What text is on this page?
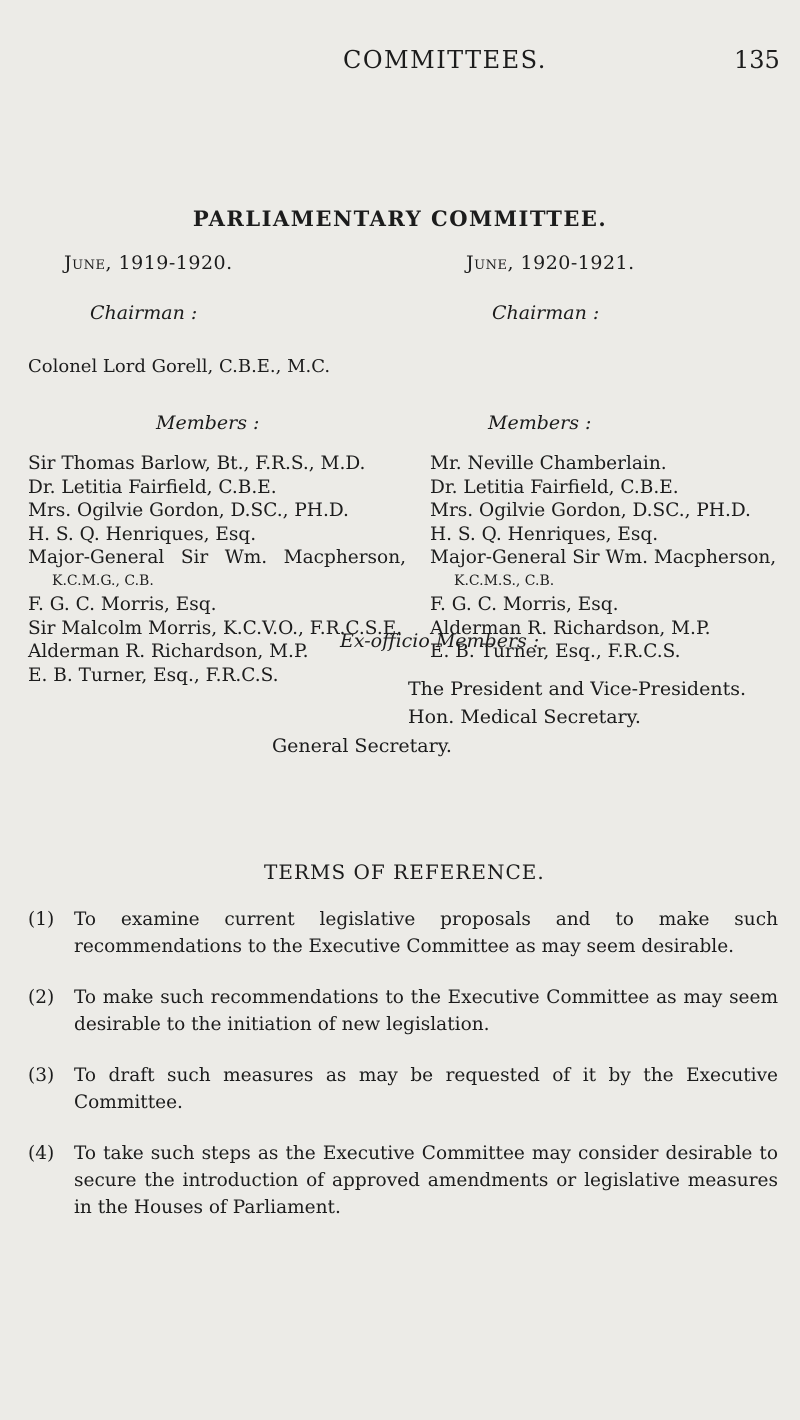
COMMITTEES.	135
PARLIAMENTARY COMMITTEE.
June, 1919-1920.
Chairman :
Colonel Lord Gorell, C.B.E., M.C.
Members :
Sir Thomas Barlow, Bt., F.R.S., M.D.
Dr. Letitia Fairfield, C.B.E.
Mrs. Ogilvie Gordon, D.SC., PH.D.
H. S. Q. Henriques, Esq.
Major-General Sir Wm. Macpherson,
K.C.M.G., C.B.
F. G. C. Morris, Esq.
Sir Malcolm Morris, K.C.V.O., F.R.C.S.E.
Alderman R. Richardson, M.P.
E. B. Turner, Esq., F.R.C.S.
June, 1920-1921.
Chairman :
Members :
Mr. Neville Chamberlain.
Dr. Letitia Fairfield, C.B.E.
Mrs. Ogilvie Gordon, D.SC., PH.D.
H. S. Q. Henriques, Esq.
Major-General Sir Wm. Macpherson,
K.C.M.S., C.B.
F. G. C. Morris, Esq.
Alderman R. Richardson, M.P.
E. B. Turner, Esq., F.R.C.S.
Ex-officio Members :
The President and Vice-Presidents.
Hon. Medical Secretary.
General Secretary.
TERMS OF REFERENCE.
(1) To examine current legislative proposals and to make such recommendations to the Executive Committee as may seem desirable.
(2) To make such recommendations to the Executive Committee as may seem desirable to the initiation of new legislation.
(3) To draft such measures as may be requested of it by the Executive Committee.
(4) To take such steps as the Executive Committee may consider desirable to secure the introduction of approved amendments or legislative measures in the Houses of Parliament.
